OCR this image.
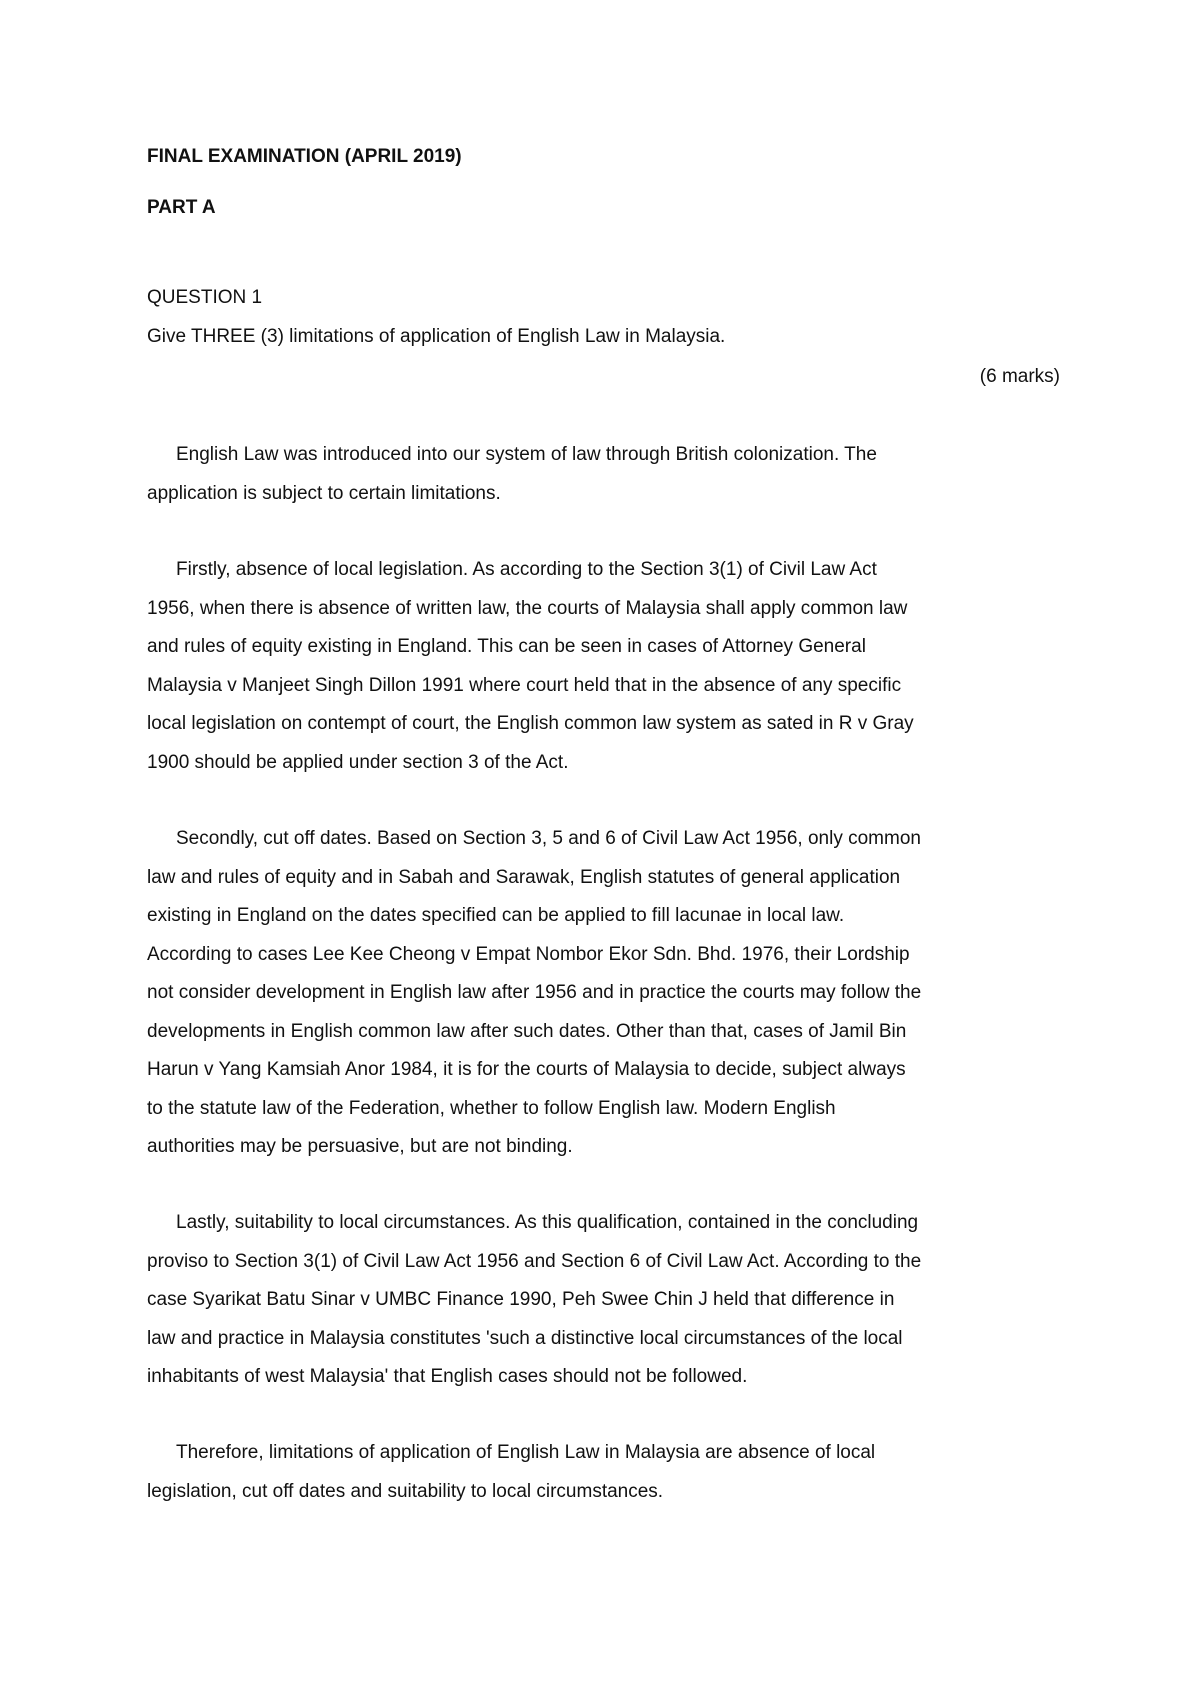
FINAL EXAMINATION (APRIL 2019)
PART A
QUESTION 1
Give THREE (3) limitations of application of English Law in Malaysia.
(6 marks)

English Law was introduced into our system of law through British colonization. The
application is subject to certain limitations.

Firstly, absence of local legislation. As according to the Section 3(1) of Civil Law Act
1956, when there is absence of written law, the courts of Malaysia shall apply common law
and rules of equity existing in England. This can be seen in cases of Attorney General
Malaysia v Manjeet Singh Dillon 1991 where court held that in the absence of any specific
local legislation on contempt of court, the English common law system as sated in R v Gray
1900 should be applied under section 3 of the Act.

Secondly, cut off dates. Based on Section 3, 5 and 6 of Civil Law Act 1956, only common
law and rules of equity and in Sabah and Sarawak, English statutes of general application
existing in England on the dates specified can be applied to fill lacunae in local law.
According to cases Lee Kee Cheong v Empat Nombor Ekor Sdn. Bhd. 1976, their Lordship
not consider development in English law after 1956 and in practice the courts may follow the
developments in English common law after such dates. Other than that, cases of Jamil Bin
Harun v Yang Kamsiah Anor 1984, it is for the courts of Malaysia to decide, subject always
to the statute law of the Federation, whether to follow English law. Modern English
authorities may be persuasive, but are not binding.

Lastly, suitability to local circumstances. As this qualification, contained in the concluding
proviso to Section 3(1) of Civil Law Act 1956 and Section 6 of Civil Law Act. According to the
case Syarikat Batu Sinar v UMBC Finance 1990, Peh Swee Chin J held that difference in
law and practice in Malaysia constitutes 'such a distinctive local circumstances of the local
inhabitants of west Malaysia' that English cases should not be followed.

Therefore, limitations of application of English Law in Malaysia are absence of local
legislation, cut off dates and suitability to local circumstances.
